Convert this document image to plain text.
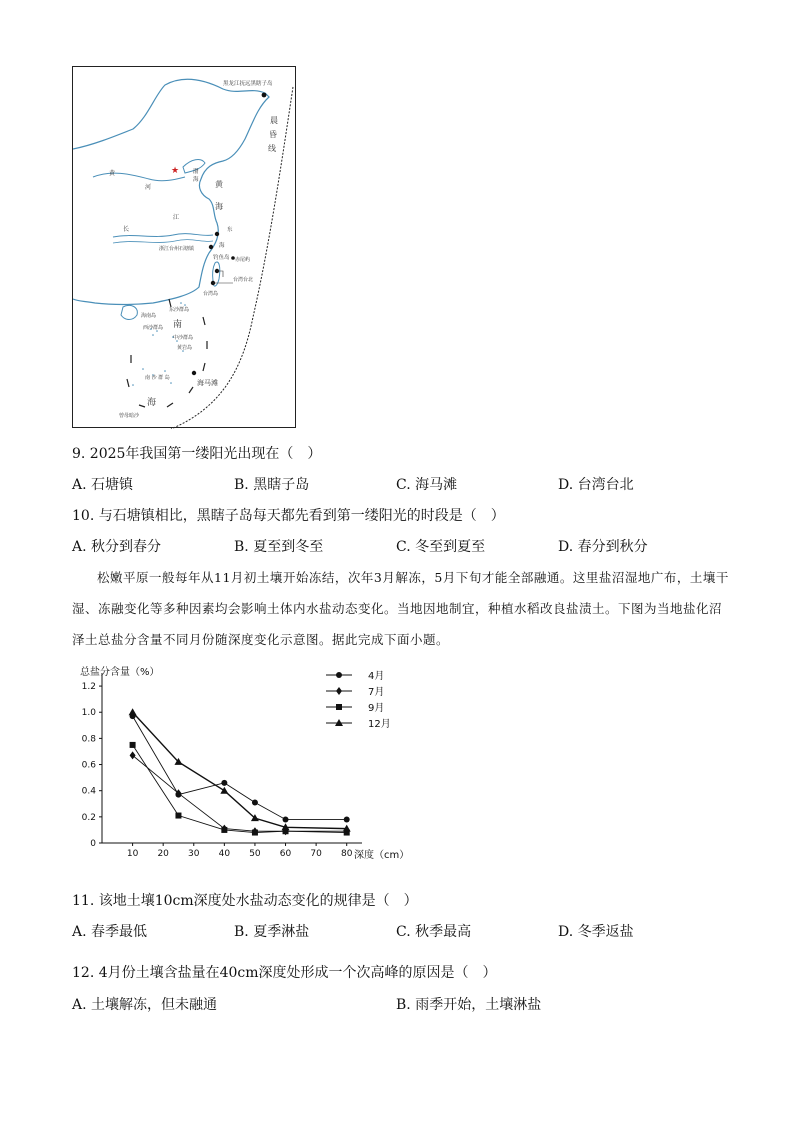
★
黑龙江抚远黑瞎子岛
晨
昏
线
黄
河
渤
海 黄
海
长
江
东
海
浙江台州石塘镇
钓鱼岛 赤尾屿
台湾台北
台湾岛
东沙群岛
海南岛
西沙群岛 南
中沙群岛
黄岩岛
南 沙 群 岛
海马滩
海
曾母暗沙
9. 2025年我国第一缕阳光出现在（　）
A. 石塘镇	B. 黑瞎子岛	C. 海马滩	D. 台湾台北
10. 与石塘镇相比，黑瞎子岛每天都先看到第一缕阳光的时段是（　）
A. 秋分到春分	B. 夏至到冬至	C. 冬至到夏至	D. 春分到秋分
松嫩平原一般每年从11月初土壤开始冻结，次年3月解冻，5月下旬才能全部融通。这里盐沼湿地广布，土壤干湿、冻融变化等多种因素均会影响土体内水盐动态变化。当地因地制宜，种植水稻改良盐渍土。下图为当地盐化沼泽土总盐分含量不同月份随深度变化示意图。据此完成下面小题。
总盐分含量（%）
深度（cm）
10 20 30 40 50 60 70 80
0
0.2
0.4
0.6
0.8
1.0
1.2
4月
7月
9月
12月
11. 该地土壤10cm深度处水盐动态变化的规律是（　）
A. 春季最低	B. 夏季淋盐	C. 秋季最高	D. 冬季返盐
12. 4月份土壤含盐量在40cm深度处形成一个次高峰的原因是（　）
A. 土壤解冻，但未融通	B. 雨季开始，土壤淋盐
